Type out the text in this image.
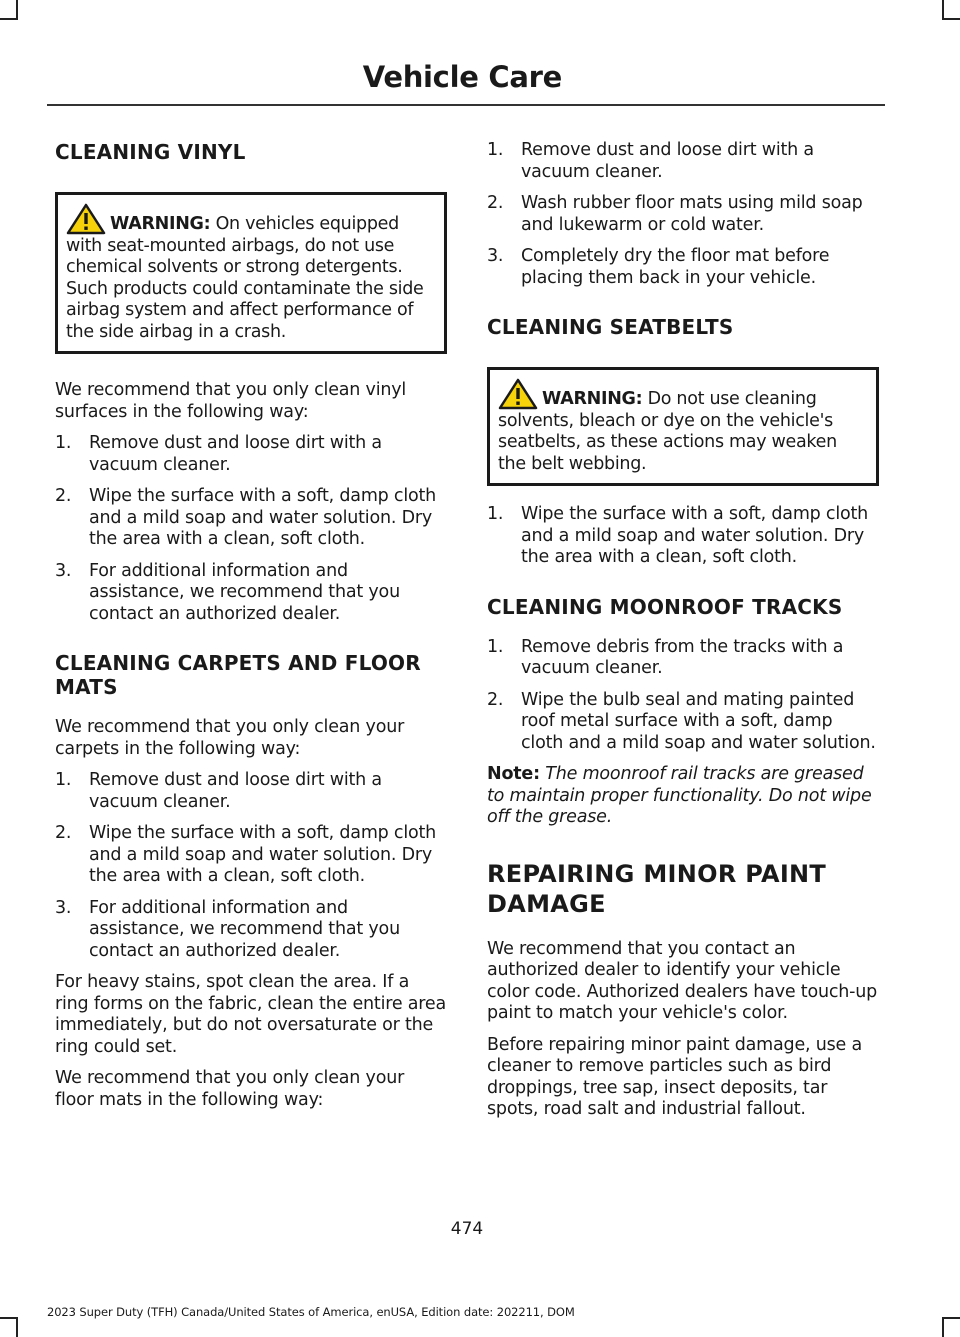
Vehicle Care
CLEANING VINYL
WARNING: On vehicles equipped with seat-mounted airbags, do not use chemical solvents or strong detergents. Such products could contaminate the side airbag system and affect performance of the side airbag in a crash.

We recommend that you only clean vinyl surfaces in the following way:

1. Remove dust and loose dirt with a vacuum cleaner.
2. Wipe the surface with a soft, damp cloth and a mild soap and water solution. Dry the area with a clean, soft cloth.
3. For additional information and assistance, we recommend that you contact an authorized dealer.
CLEANING CARPETS AND FLOOR MATS

We recommend that you only clean your carpets in the following way:

1. Remove dust and loose dirt with a vacuum cleaner.
2. Wipe the surface with a soft, damp cloth and a mild soap and water solution. Dry the area with a clean, soft cloth.
3. For additional information and assistance, we recommend that you contact an authorized dealer.

For heavy stains, spot clean the area. If a ring forms on the fabric, clean the entire area immediately, but do not oversaturate or the ring could set.

We recommend that you only clean your floor mats in the following way:

1. Remove dust and loose dirt with a vacuum cleaner.
2. Wash rubber floor mats using mild soap and lukewarm or cold water.
3. Completely dry the floor mat before placing them back in your vehicle.
CLEANING SEATBELTS
WARNING: Do not use cleaning solvents, bleach or dye on the vehicle's seatbelts, as these actions may weaken the belt webbing.
1. Wipe the surface with a soft, damp cloth and a mild soap and water solution. Dry the area with a clean, soft cloth.
CLEANING MOONROOF TRACKS
1. Remove debris from the tracks with a vacuum cleaner.
2. Wipe the bulb seal and mating painted roof metal surface with a soft, damp cloth and a mild soap and water solution.

Note: The moonroof rail tracks are greased to maintain proper functionality. Do not wipe off the grease.

REPAIRING MINOR PAINT
DAMAGE

We recommend that you contact an authorized dealer to identify your vehicle color code. Authorized dealers have touch-up paint to match your vehicle's color.

Before repairing minor paint damage, use a cleaner to remove particles such as bird droppings, tree sap, insect deposits, tar spots, road salt and industrial fallout.

474
2023 Super Duty (TFH) Canada/United States of America, enUSA, Edition date: 202211, DOM
